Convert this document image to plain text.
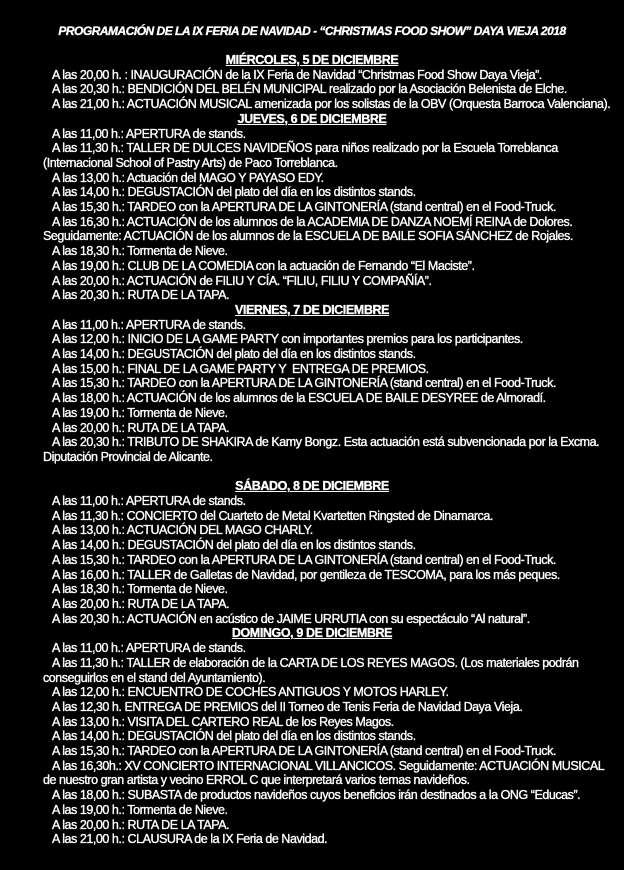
PROGRAMACIÓN DE LA IX FERIA DE NAVIDAD - “CHRISTMAS FOOD SHOW” DAYA VIEJA 2018
MIÉRCOLES, 5 DE DICIEMBRE

A las 20,00 h. : INAUGURACIÓN de la IX Feria de Navidad “Christmas Food Show Daya Vieja”.

A las 20,30 h.: BENDICIÓN DEL BELÉN MUNICIPAL realizado por la Asociación Belenista de Elche.

A las 21,00 h.: ACTUACIÓN MUSICAL amenizada por los solistas de la OBV (Orquesta Barroca Valenciana).

JUEVES, 6 DE DICIEMBRE

A las 11,00 h.: APERTURA de stands.

A las 11,30 h.: TALLER DE DULCES NAVIDEÑOS para niños realizado por la Escuela Torreblanca (Internacional School of Pastry Arts) de Paco Torreblanca.

A las 13,00 h.: Actuación del MAGO Y PAYASO EDY.

A las 14,00 h.: DEGUSTACIÓN del plato del día en los distintos stands.

A las 15,30 h.: TARDEO con la APERTURA DE LA GINTONERÍA (stand central) en el Food-Truck.

A las 16,30 h.: ACTUACIÓN de los alumnos de la ACADEMIA DE DANZA NOEMÍ REINA de Dolores. Seguidamente: ACTUACIÓN de los alumnos de la ESCUELA DE BAILE SOFIA SÁNCHEZ de Rojales.

A las 18,30 h.: Tormenta de Nieve.

A las 19,00 h.: CLUB DE LA COMEDIA con la actuación de Fernando “El Maciste”.

A las 20,00 h.: ACTUACIÓN de FILIU Y CÍA. “FILIU, FILIU Y COMPAÑÍA”.

A las 20,30 h.: RUTA DE LA TAPA.

VIERNES, 7 DE DICIEMBRE

A las 11,00 h.: APERTURA de stands.

A las 12,00 h.: INICIO DE LA GAME PARTY con importantes premios para los participantes.

A las 14,00 h.: DEGUSTACIÓN del plato del día en los distintos stands.

A las 15,00 h.: FINAL DE LA GAME PARTY Y  ENTREGA DE PREMIOS.

A las 15,30 h.: TARDEO con la APERTURA DE LA GINTONERÍA (stand central) en el Food-Truck.

A las 18,00 h.: ACTUACIÓN de los alumnos de la ESCUELA DE BAILE DESYREE de Almoradí.

A las 19,00 h.: Tormenta de Nieve.

A las 20,00 h.: RUTA DE LA TAPA.

A las 20,30 h.: TRIBUTO DE SHAKIRA de Kamy Bongz. Esta actuación está subvencionada por la Excma. Diputación Provincial de Alicante.

SÁBADO, 8 DE DICIEMBRE

A las 11,00 h.: APERTURA de stands.

A las 11,30 h.: CONCIERTO del Cuarteto de Metal Kvartetten Ringsted de Dinamarca.

A las 13,00 h.: ACTUACIÓN DEL MAGO CHARLY.

A las 14,00 h.: DEGUSTACIÓN del plato del día en los distintos stands.

A las 15,30 h.: TARDEO con la APERTURA DE LA GINTONERÍA (stand central) en el Food-Truck.

A las 16,00 h.: TALLER de Galletas de Navidad, por gentileza de TESCOMA, para los más peques.

A las 18,30 h.: Tormenta de Nieve.

A las 20,00 h.: RUTA DE LA TAPA.

A las 20,30 h.: ACTUACIÓN en acústico de JAIME URRUTIA con su espectáculo “Al natural”.

DOMINGO, 9 DE DICIEMBRE

A las 11,00 h.: APERTURA de stands.

A las 11,30 h.: TALLER de elaboración de la CARTA DE LOS REYES MAGOS. (Los materiales podrán conseguirlos en el stand del Ayuntamiento).

A las 12,00 h.: ENCUENTRO DE COCHES ANTIGUOS Y MOTOS HARLEY.

A las 12,30 h. ENTREGA DE PREMIOS del II Torneo de Tenis Feria de Navidad Daya Vieja.

A las 13,00 h.: VISITA DEL CARTERO REAL de los Reyes Magos.

A las 14,00 h.: DEGUSTACIÓN del plato del día en los distintos stands.

A las 15,30 h.: TARDEO con la APERTURA DE LA GINTONERÍA (stand central) en el Food-Truck.

A las 16,30h.: XV CONCIERTO INTERNACIONAL VILLANCICOS. Seguidamente: ACTUACIÓN MUSICAL de nuestro gran artista y vecino ERROL C que interpretará varios temas navideños.

A las 18,00 h.: SUBASTA de productos navideños cuyos beneficios irán destinados a la ONG “Educas”.

A las 19,00 h.: Tormenta de Nieve.

A las 20,00 h.: RUTA DE LA TAPA.

A las 21,00 h.: CLAUSURA de la IX Feria de Navidad.
